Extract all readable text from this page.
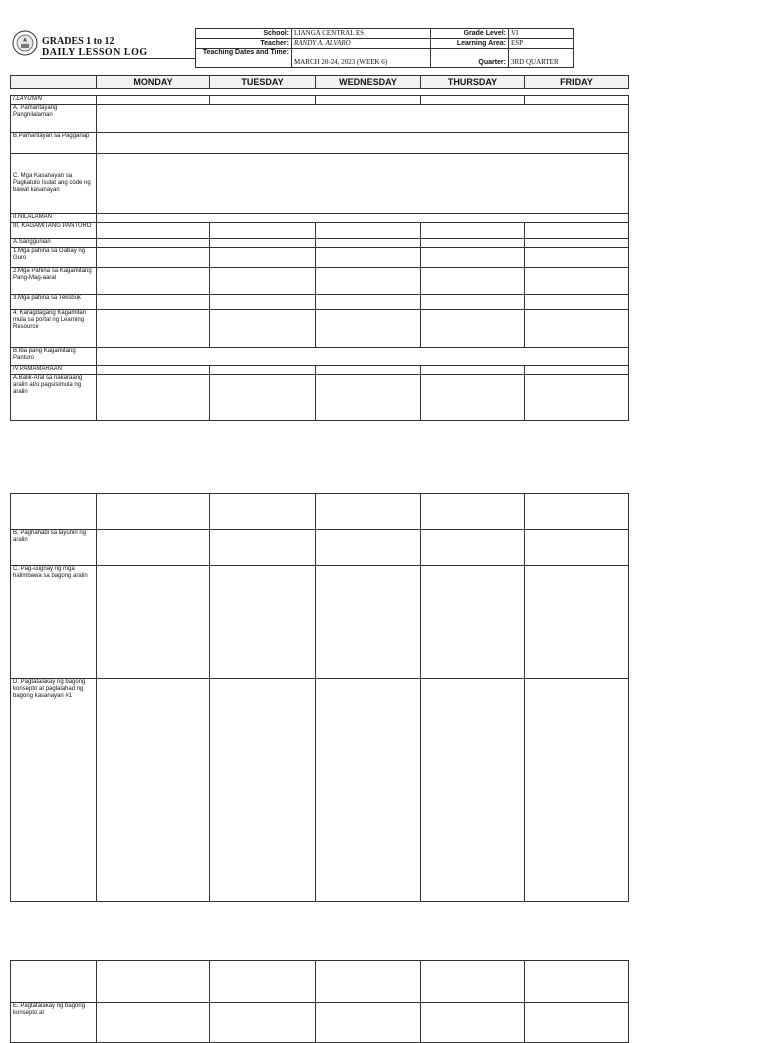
GRADES 1 to 12
DAILY LESSON LOG
School:	LIANGA CENTRAL ES	Grade Level:	VI
Teacher:	RANDY A. ALVARO	Learning Area:	ESP
Teaching Dates and Time:	MARCH 20-24, 2023 (WEEK 6)	Quarter:	3RD QUARTER
	MONDAY	TUESDAY	WEDNESDAY	THURSDAY	FRIDAY
I.LAYUNIN					
A. Pamantayang Pangnilalaman					
B.Pamantayan sa Pagganap					
C. Mga Kasanayan sa Pagkatuto Isulat ang code ng bawat kasanayan					

II.NILALAMAN					
III. KAGAMITANG PANTURO					
A.Sanggunian					
1.Mga pahina sa Gabay ng Guro					
2.Mga Pahina sa Kagamitang Pang-Mag-aaral					
3.Mga pahina sa Teksbuk					
4. Karagdagang Kagamitan mula sa portal ng Learning Resource					
B.Iba pang Kagamitang Panturo					
IV.PAMAMARAAN					
A.Balik-Aral sa nakaraang aralin at/o pagsisimula ng aralin					

B. Paghahabi sa layunin ng aralin					
C. Pag-uugnay ng mga halimbawa sa bagong aralin					
D. Pagtatalakay ng bagong konsepto at paglalahad ng bagong kasanayan #1					

E. Pagtatalakay ng bagong konsepto at					
